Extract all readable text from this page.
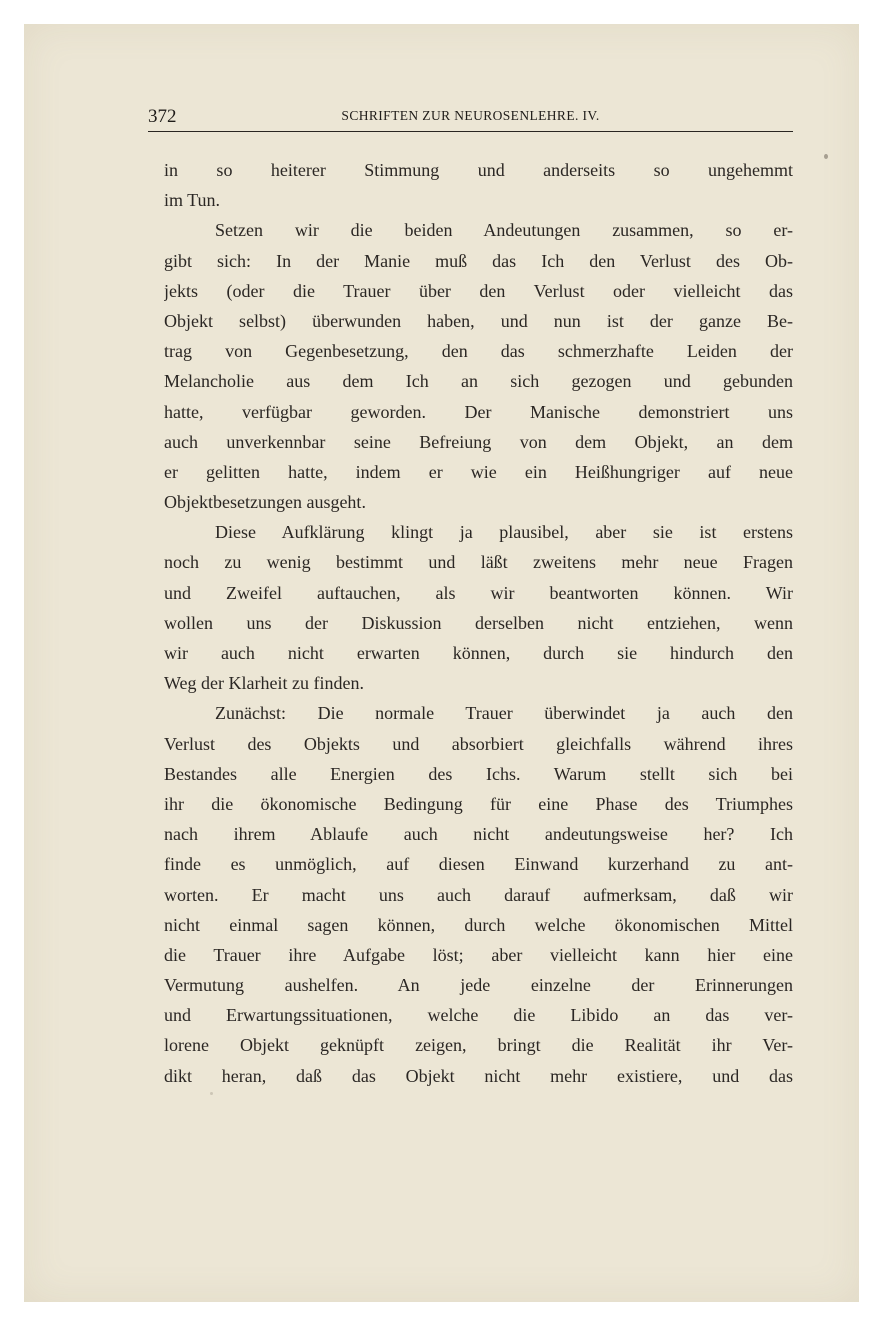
372	SCHRIFTEN ZUR NEUROSENLEHRE. IV.
in so heiterer Stimmung und anderseits so ungehemmt
im Tun.
Setzen wir die beiden Andeutungen zusammen, so er-
gibt sich: In der Manie muß das Ich den Verlust des Ob-
jekts (oder die Trauer über den Verlust oder vielleicht das
Objekt selbst) überwunden haben, und nun ist der ganze Be-
trag von Gegenbesetzung, den das schmerzhafte Leiden der
Melancholie aus dem Ich an sich gezogen und gebunden
hatte, verfügbar geworden. Der Manische demonstriert uns
auch unverkennbar seine Befreiung von dem Objekt, an dem
er gelitten hatte, indem er wie ein Heißhungriger auf neue
Objektbesetzungen ausgeht.
Diese Aufklärung klingt ja plausibel, aber sie ist erstens
noch zu wenig bestimmt und läßt zweitens mehr neue Fragen
und Zweifel auftauchen, als wir beantworten können. Wir
wollen uns der Diskussion derselben nicht entziehen, wenn
wir auch nicht erwarten können, durch sie hindurch den
Weg der Klarheit zu finden.
Zunächst: Die normale Trauer überwindet ja auch den
Verlust des Objekts und absorbiert gleichfalls während ihres
Bestandes alle Energien des Ichs. Warum stellt sich bei
ihr die ökonomische Bedingung für eine Phase des Triumphes
nach ihrem Ablaufe auch nicht andeutungsweise her? Ich
finde es unmöglich, auf diesen Einwand kurzerhand zu ant-
worten. Er macht uns auch darauf aufmerksam, daß wir
nicht einmal sagen können, durch welche ökonomischen Mittel
die Trauer ihre Aufgabe löst; aber vielleicht kann hier eine
Vermutung aushelfen. An jede einzelne der Erinnerungen
und Erwartungssituationen, welche die Libido an das ver-
lorene Objekt geknüpft zeigen, bringt die Realität ihr Ver-
dikt heran, daß das Objekt nicht mehr existiere, und das
